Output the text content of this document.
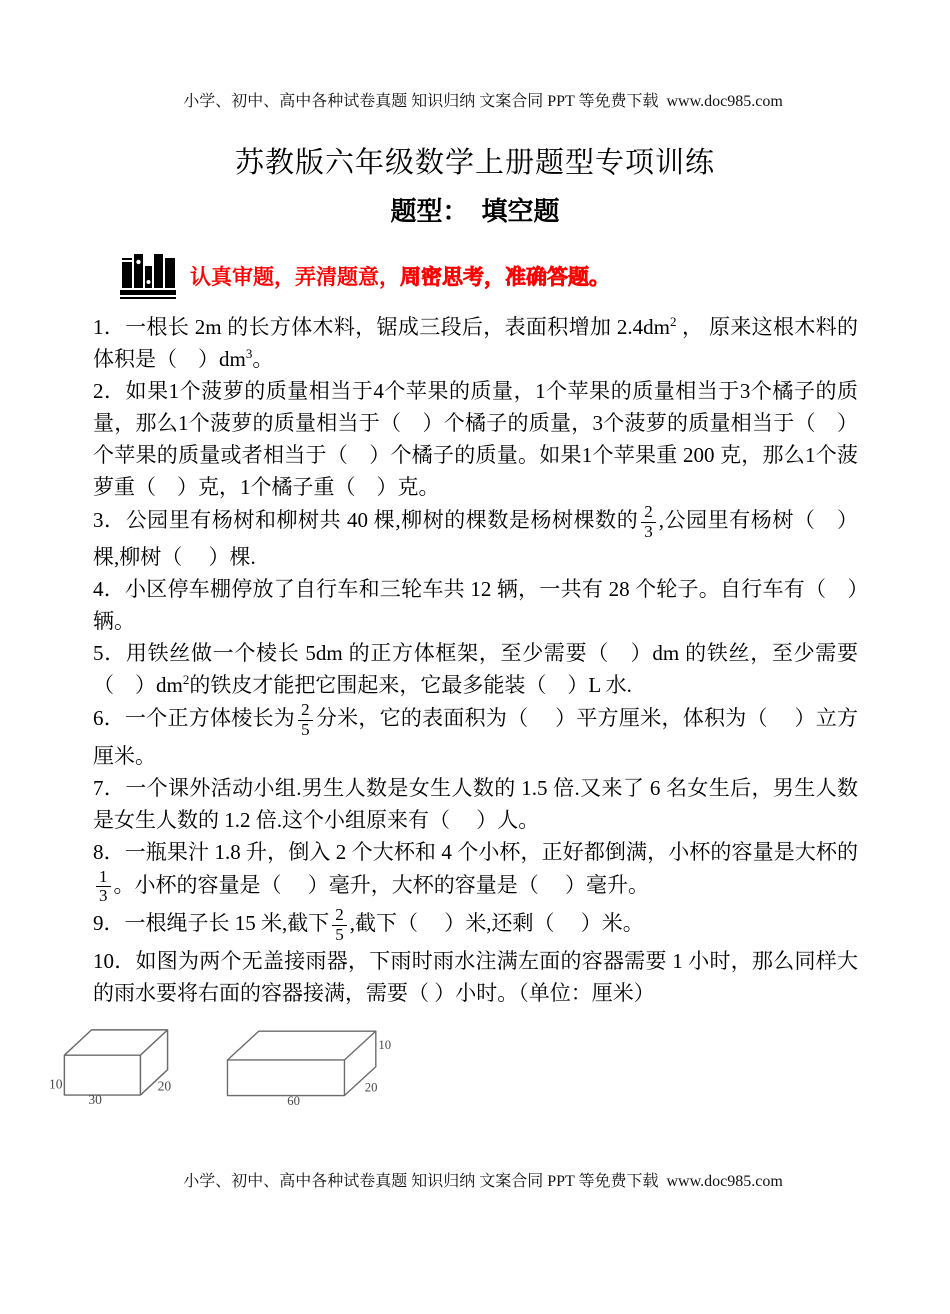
小学、初中、高中各种试卷真题 知识归纳 文案合同 PPT 等免费下载  www.doc985.com

苏教版六年级数学上册题型专项训练
题型：　填空题
认真审题，弄清题意，周密思考，准确答题。

1．一根长 2m 的长方体木料，锯成三段后，表面积增加 $2.4dm^2$ ， 原来这根木料的体积是（　）$dm^3$。

2．如果1个菠萝的质量相当于4个苹果的质量，1个苹果的质量相当于3个橘子的质量，那么1个菠萝的质量相当于（　）个橘子的质量，3个菠萝的质量相当于（　）个苹果的质量或者相当于（　）个橘子的质量。如果1个苹果重 200 克，那么1个菠萝重（　）克，1个橘子重（　）克。

3．公园里有杨树和柳树共 40 棵,柳树的棵数是杨树棵数的 $\frac{2}{3}$ ,公园里有杨树（　）棵,柳树（　 ）棵.

4．小区停车棚停放了自行车和三轮车共 12 辆，一共有 28 个轮子。自行车有（　）辆。

5．用铁丝做一个棱长 5dm 的正方体框架，至少需要（　）dm 的铁丝，至少需要（　）$dm^2$的铁皮才能把它围起来，它最多能装（　）L 水.

6．一个正方体棱长为 $\frac{2}{5}$ 分米，它的表面积为（　 ）平方厘米，体积为（　 ）立方厘米。

7．一个课外活动小组.男生人数是女生人数的 1.5 倍.又来了 6 名女生后，男生人数是女生人数的 1.2 倍.这个小组原来有（　 ）人。

8．一瓶果汁 1.8 升，倒入 2 个大杯和 4 个小杯，正好都倒满，小杯的容量是大杯的
$\frac{1}{3}$ 。小杯的容量是（　 ）毫升，大杯的容量是（　 ）毫升。

9．一根绳子长 15 米,截下 $\frac{2}{5}$ ,截下（　 ）米,还剩（　 ）米。

10．如图为两个无盖接雨器，下雨时雨水注满左面的容器需要 1 小时，那么同样大的雨水要将右面的容器接满，需要（ ）小时。（单位：厘米）

10
30
20
10
60
20

小学、初中、高中各种试卷真题 知识归纳 文案合同 PPT 等免费下载  www.doc985.com
